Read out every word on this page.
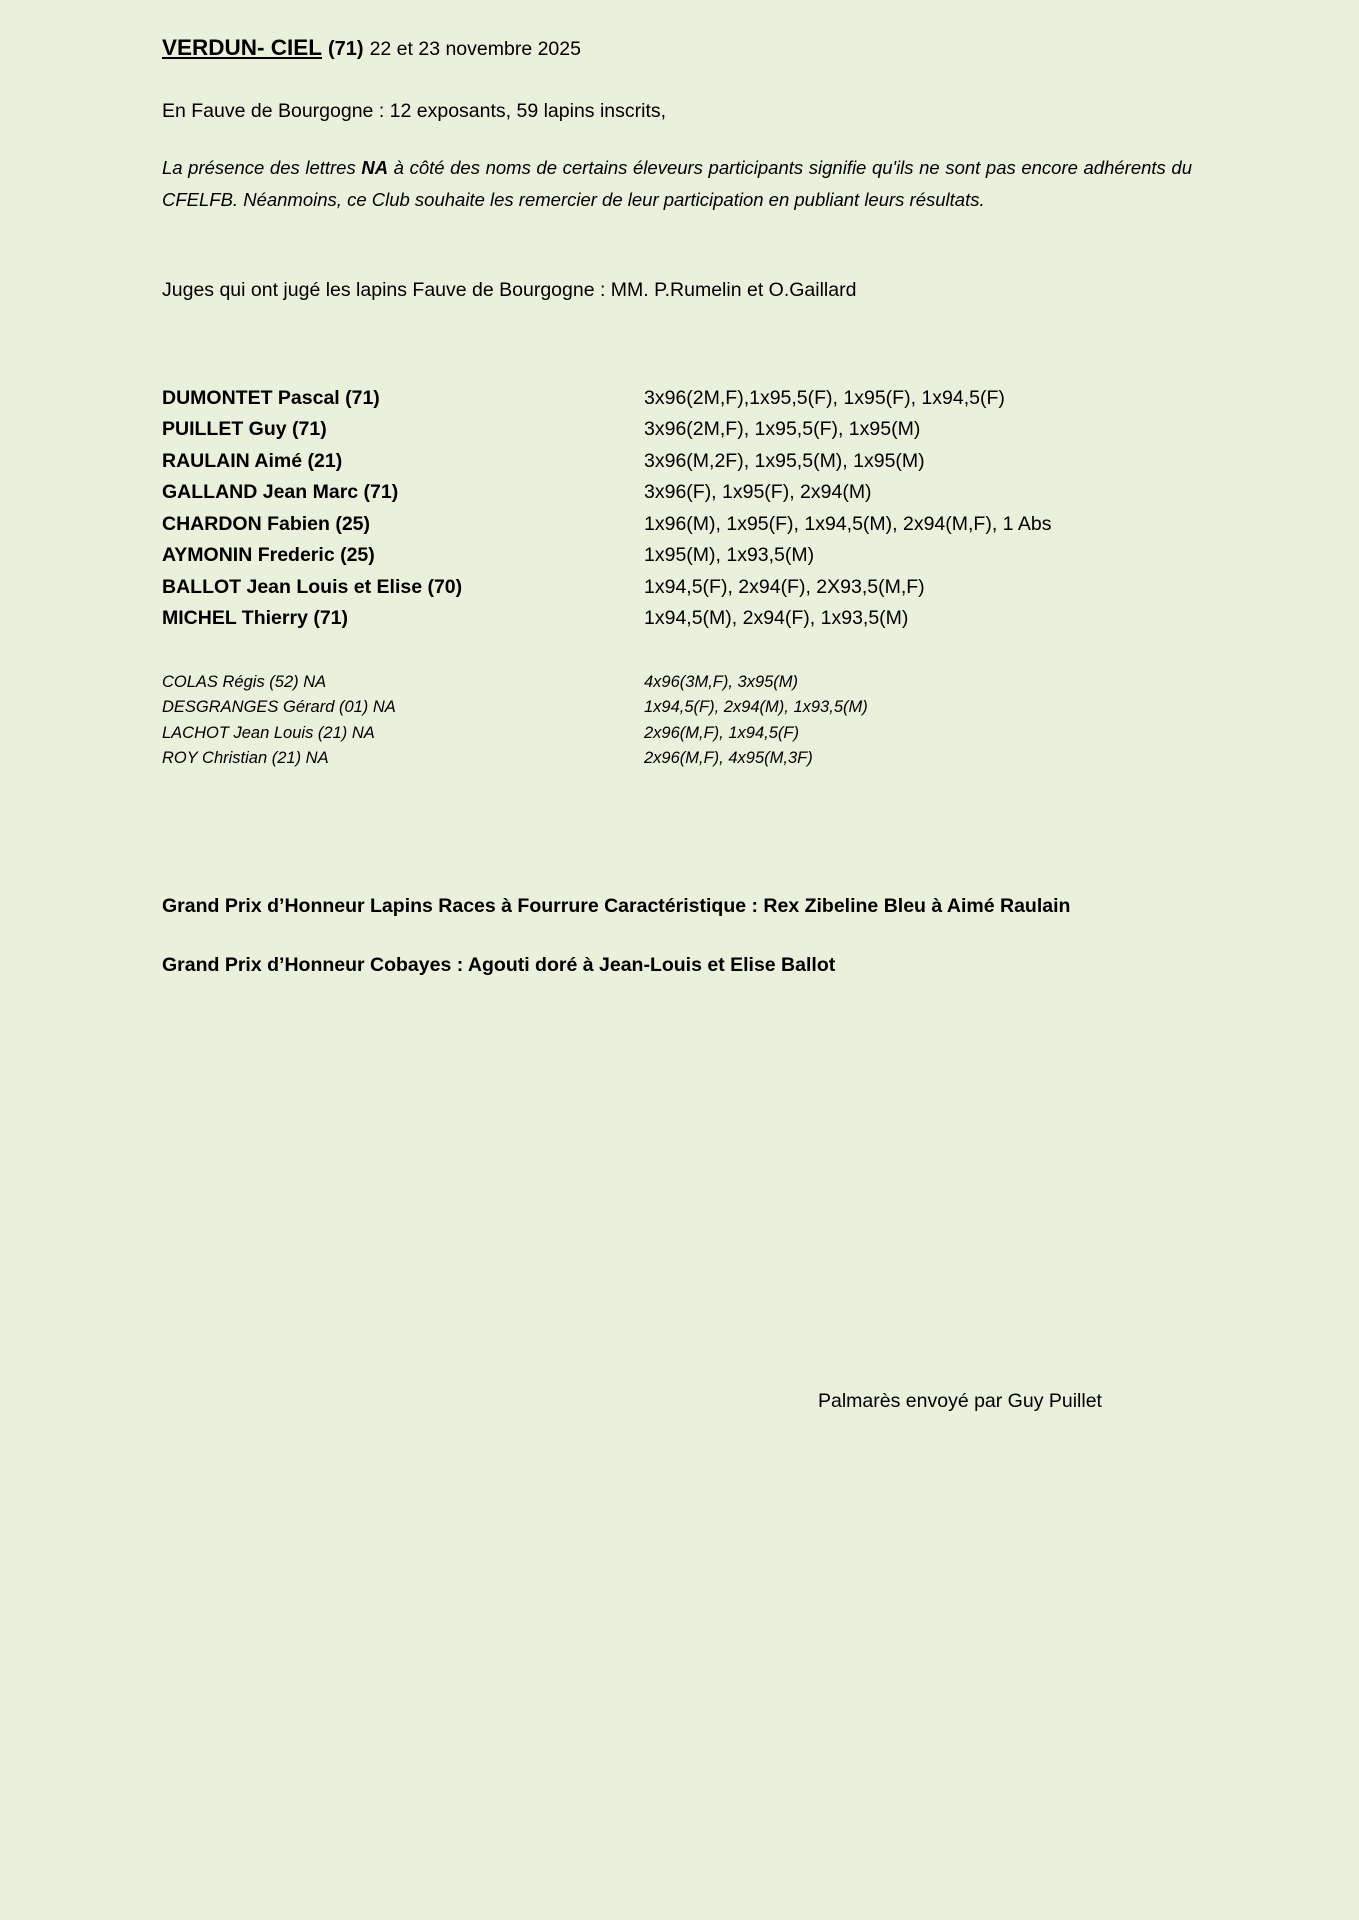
VERDUN- CIEL (71) 22 et 23 novembre 2025
En Fauve de Bourgogne : 12 exposants, 59 lapins inscrits,
La présence des lettres NA à côté des noms de certains éleveurs participants signifie qu'ils ne sont pas encore adhérents du CFELFB. Néanmoins, ce Club souhaite les remercier de leur participation en publiant leurs résultats.
Juges qui ont jugé les lapins Fauve de Bourgogne : MM. P.Rumelin et O.Gaillard
DUMONTET Pascal (71)	3x96(2M,F),1x95,5(F), 1x95(F), 1x94,5(F)
PUILLET Guy (71)	3x96(2M,F), 1x95,5(F), 1x95(M)
RAULAIN Aimé (21)	3x96(M,2F), 1x95,5(M), 1x95(M)
GALLAND Jean Marc (71)	3x96(F), 1x95(F), 2x94(M)
CHARDON Fabien (25)	1x96(M), 1x95(F), 1x94,5(M), 2x94(M,F), 1 Abs
AYMONIN Frederic (25)	1x95(M), 1x93,5(M)
BALLOT Jean Louis et Elise (70)	1x94,5(F), 2x94(F), 2X93,5(M,F)
MICHEL Thierry (71)	1x94,5(M), 2x94(F), 1x93,5(M)
COLAS Régis (52) NA	4x96(3M,F), 3x95(M)
DESGRANGES Gérard (01) NA	1x94,5(F), 2x94(M), 1x93,5(M)
LACHOT Jean Louis (21) NA	2x96(M,F), 1x94,5(F)
ROY Christian (21) NA	2x96(M,F), 4x95(M,3F)
Grand Prix d’Honneur Lapins Races à Fourrure Caractéristique : Rex Zibeline Bleu à Aimé Raulain
Grand Prix d’Honneur Cobayes : Agouti doré à Jean-Louis et Elise Ballot
Palmarès envoyé par Guy Puillet
